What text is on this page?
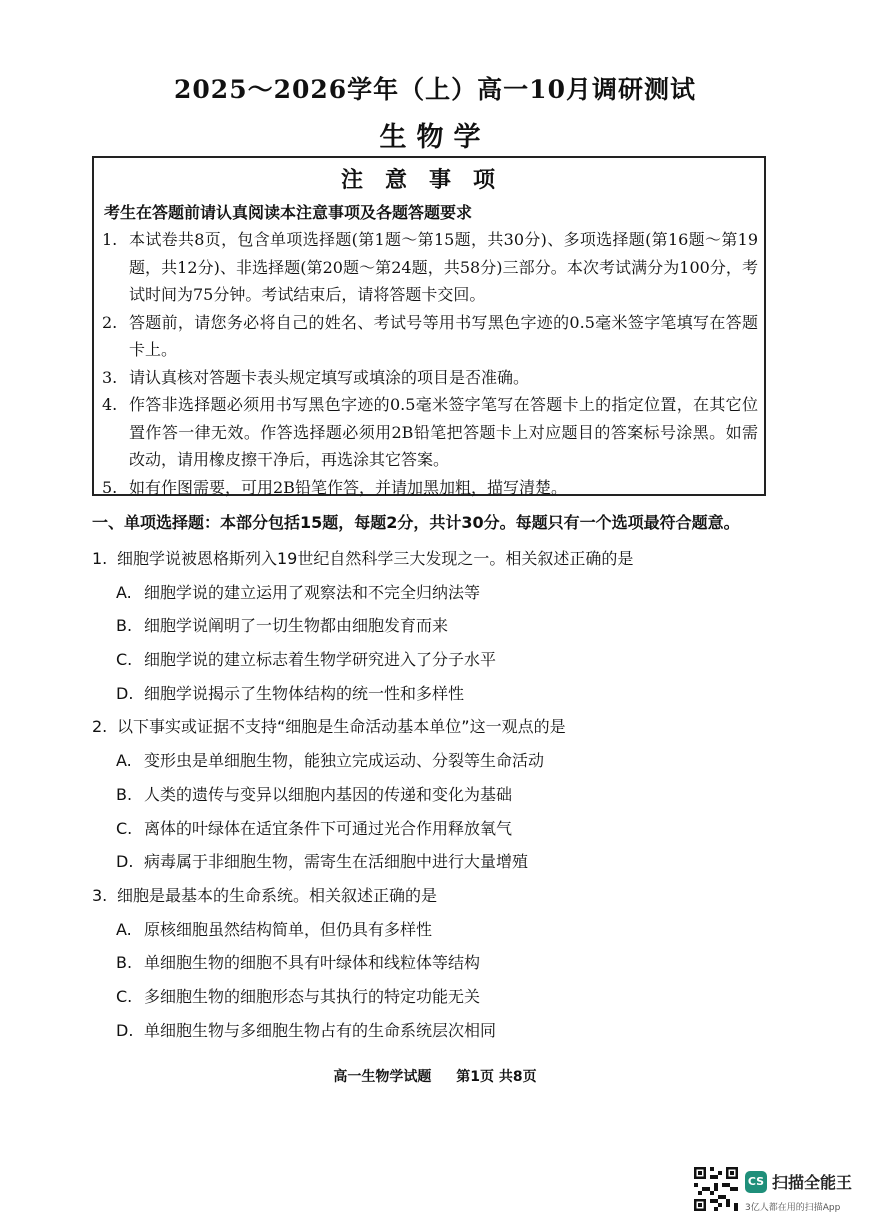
2025～2026学年（上）高一10月调研测试
生物学
注意事项
考生在答题前请认真阅读本注意事项及各题答题要求
1. 本试卷共8页，包含单项选择题(第1题～第15题，共30分)、多项选择题(第16题～第19题，共12分)、非选择题(第20题～第24题，共58分)三部分。本次考试满分为100分，考试时间为75分钟。考试结束后，请将答题卡交回。
2. 答题前，请您务必将自己的姓名、考试号等用书写黑色字迹的0.5毫米签字笔填写在答题卡上。
3. 请认真核对答题卡表头规定填写或填涂的项目是否准确。
4. 作答非选择题必须用书写黑色字迹的0.5毫米签字笔写在答题卡上的指定位置，在其它位置作答一律无效。作答选择题必须用2B铅笔把答题卡上对应题目的答案标号涂黑。如需改动，请用橡皮擦干净后，再选涂其它答案。
5. 如有作图需要，可用2B铅笔作答，并请加黑加粗，描写清楚。
一、单项选择题：本部分包括15题，每题2分，共计30分。每题只有一个选项最符合题意。
1. 细胞学说被恩格斯列入19世纪自然科学三大发现之一。相关叙述正确的是
A. 细胞学说的建立运用了观察法和不完全归纳法等
B. 细胞学说阐明了一切生物都由细胞发育而来
C. 细胞学说的建立标志着生物学研究进入了分子水平
D. 细胞学说揭示了生物体结构的统一性和多样性
2. 以下事实或证据不支持“细胞是生命活动基本单位”这一观点的是
A. 变形虫是单细胞生物，能独立完成运动、分裂等生命活动
B. 人类的遗传与变异以细胞内基因的传递和变化为基础
C. 离体的叶绿体在适宜条件下可通过光合作用释放氧气
D. 病毒属于非细胞生物，需寄生在活细胞中进行大量增殖
3. 细胞是最基本的生命系统。相关叙述正确的是
A. 原核细胞虽然结构简单，但仍具有多样性
B. 单细胞生物的细胞不具有叶绿体和线粒体等结构
C. 多细胞生物的细胞形态与其执行的特定功能无关
D. 单细胞生物与多细胞生物占有的生命系统层次相同
高一生物学试题 第1页 共8页
CS 扫描全能王
3亿人都在用的扫描App
